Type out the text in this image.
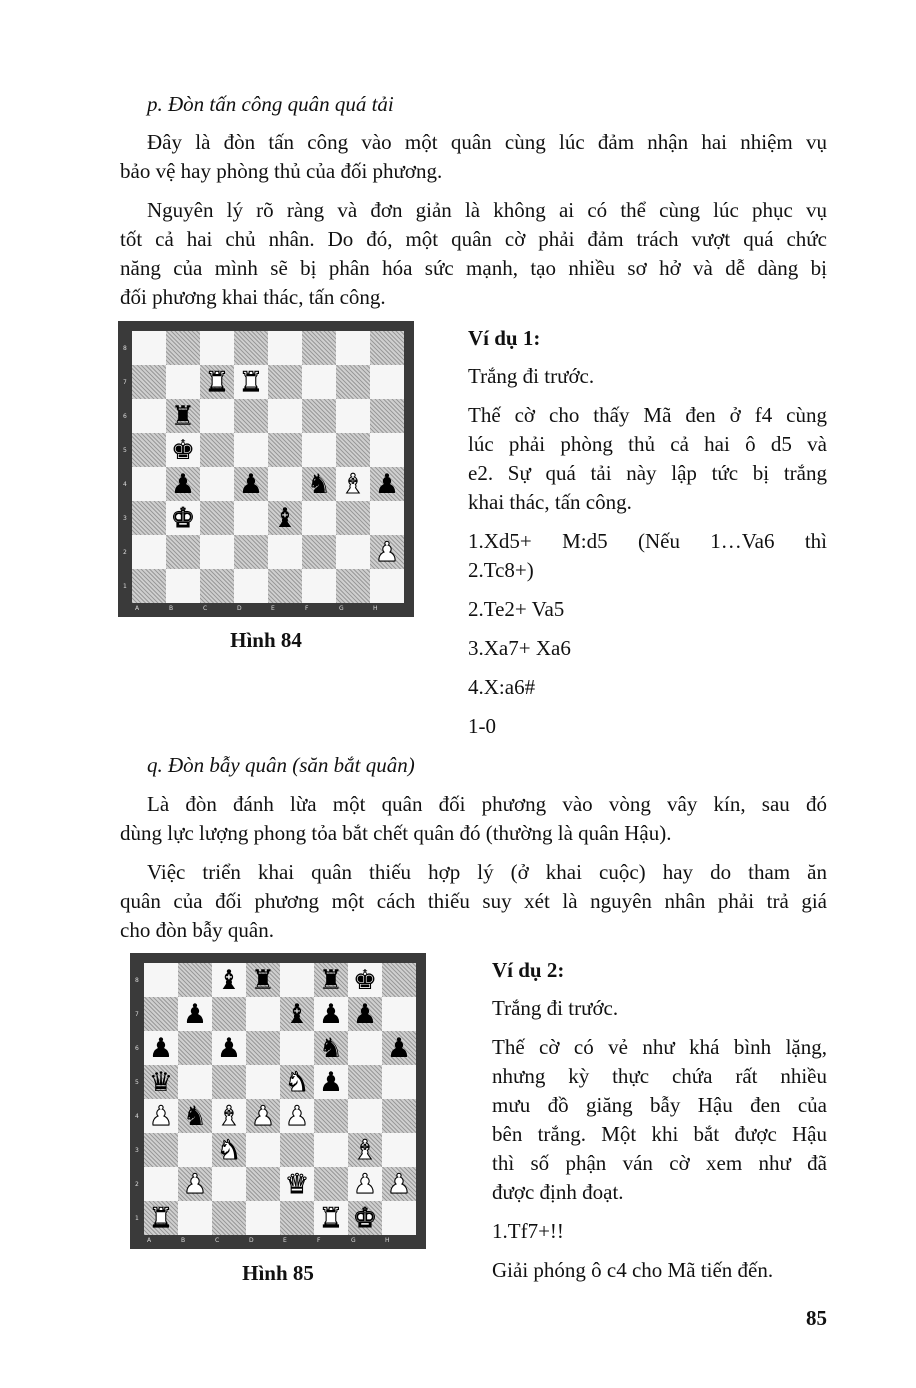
p. Đòn tấn công quân quá tải
Đây là đòn tấn công vào một quân cùng lúc đảm nhận hai nhiệm vụ
bảo vệ hay phòng thủ của đối phương.
Nguyên lý rõ ràng và đơn giản là không ai có thể cùng lúc phục vụ
tốt cả hai chủ nhân. Do đó, một quân cờ phải đảm trách vượt quá chức
năng của mình sẽ bị phân hóa sức mạnh, tạo nhiều sơ hở và dễ dàng bị
đối phương khai thác, tấn công.
♜ ♜
♜
♚
♟ ♟ ♞ ♝ ♟
♚	♝
♟
A	B	C	D	E	F	G	H
8
7
6
5
4
3
2
1
Hình 84
Ví dụ 1:
Trắng đi trước.
Thế cờ cho thấy Mã đen ở f4 cùng
lúc phải phòng thủ cả hai ô d5 và
e2. Sự quá tải này lập tức bị trắng
khai thác, tấn công.
1.Xd5+ M:d5 (Nếu 1…Va6 thì
2.Tc8+)
2.Te2+ Va5
3.Xa7+ Xa6
4.X:a6#
1-0
q. Đòn bẫy quân (săn bắt quân)
Là đòn đánh lừa một quân đối phương vào vòng vây kín, sau đó
dùng lực lượng phong tỏa bắt chết quân đó (thường là quân Hậu).
Việc triển khai quân thiếu hợp lý (ở khai cuộc) hay do tham ăn
quân của đối phương một cách thiếu suy xét là nguyên nhân phải trả giá
cho đòn bẫy quân.
♝ ♜ ♜ ♚
♟	♝ ♟ ♟
♟ ♟	♞ ♟
♛	♞ ♟
♟ ♞ ♝ ♟ ♟
♞	♝
♟	♛ ♟ ♟
♜	♜ ♚
A	B	C	D	E	F	G	H
8
7
6
5
4
3
2
1
Hình 85
Ví dụ 2:
Trắng đi trước.
Thế cờ có vẻ như khá bình lặng,
nhưng kỳ thực chứa rất nhiều
mưu đồ giăng bẫy Hậu đen của
bên trắng. Một khi bắt được Hậu
thì số phận ván cờ xem như đã
được định đoạt.
1.Tf7+!!
Giải phóng ô c4 cho Mã tiến đến.
85
